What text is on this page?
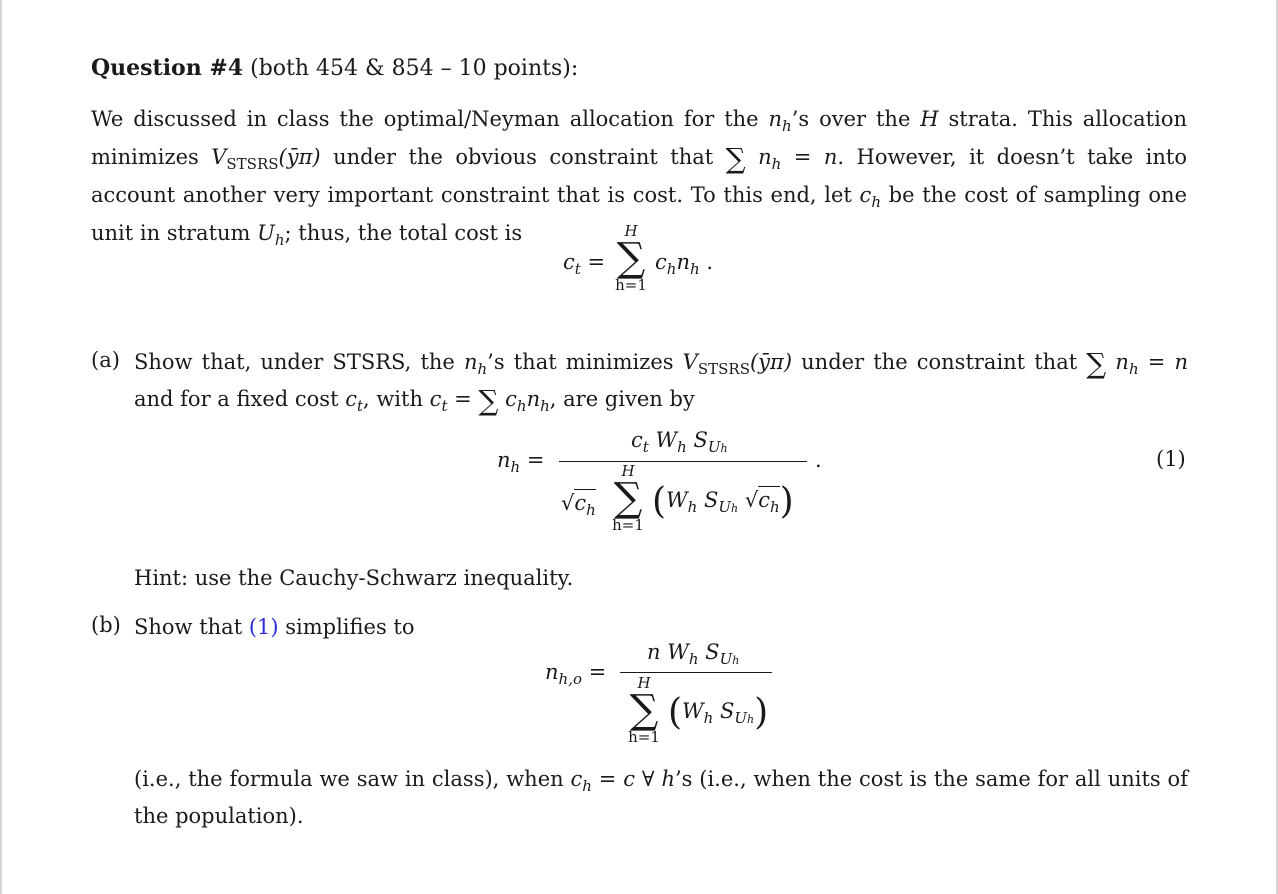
Question #4 (both 454 & 854 – 10 points):
We discussed in class the optimal/Neyman allocation for the $n_h’s$ over the H strata. This allocation minimizes $V_{STSRS}(ȳ\pi)$ under the obvious constraint that ∑ $n_h = n$. However, it doesn’t take into account another very important constraint that is cost. To this end, let $c_h$ be the cost of sampling one unit in stratum $U_h$; thus, the total cost is
$c_t$ =
H
∑
h=1
$c_hn_h$ .
(a) Show that, under STSRS, the $n_h’s$ that minimizes $V_{STSRS}(ȳ\pi)$ under the constraint that ∑ $n_h = n$ and for a fixed cost $c_t$, with $c_t$ = ∑ $c_hn_h$, are given by
$n_h$ =
$c_t$ $W_h$ $S_{Uh}$
$√c_h$
H
∑
h=1
($W_h$ $S_{Uh}$ $√c_h$)
.	(1)
Hint: use the Cauchy-Schwarz inequality.
(b) Show that (1) simplifies to
$n_{h,o}$ =
n $W_h$ $S_{Uh}$
H
∑
h=1
($W_h$ $S_{Uh}$)
(i.e., the formula we saw in class), when $c_h = c$ ∀ h’s (i.e., when the cost is the same for all units of the population).
